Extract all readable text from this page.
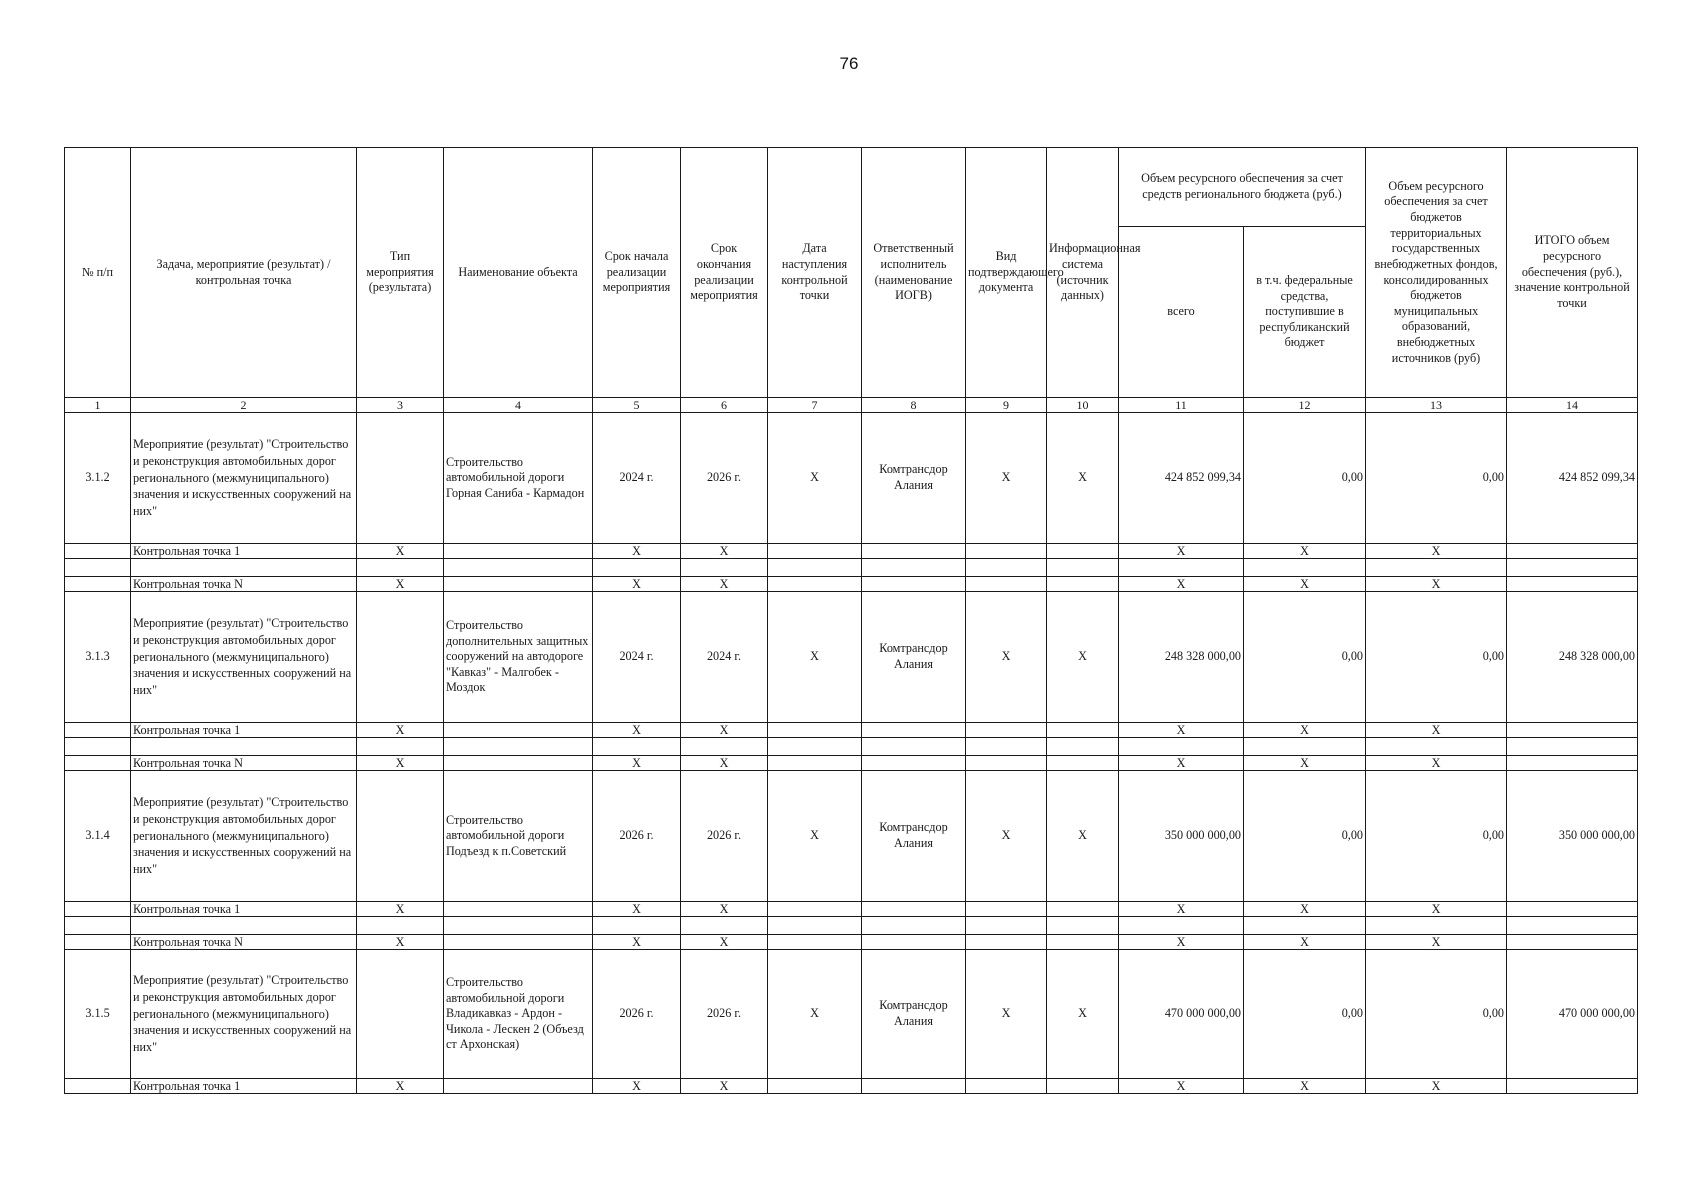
76
№ п/п	Задача, мероприятие (результат) / контрольная точка	Тип мероприятия (результата)	Наименование объекта	Срок начала реализации мероприятия	Срок окончания реализации мероприятия	Дата наступления контрольной точки	Ответственный исполнитель (наименование ИОГВ)	Вид подтверждающего документа	Информационная система (источник данных)	Объем ресурсного обеспечения за счет средств регионального бюджета (руб.)		Объем ресурсного обеспечения за счет бюджетов территориальных государственных внебюджетных фондов, консолидированных бюджетов муниципальных образований, внебюджетных источников (руб)	ИТОГО объем ресурсного обеспечения (руб.), значение контрольной точки
										всего	в т.ч. федеральные средства, поступившие в республиканский бюджет		
1	2	3	4	5	6	7	8	9	10	11	12	13	14
3.1.2	Мероприятие (результат) "Строительство и реконструкция автомобильных дорог регионального (межмуниципального) значения и искусственных сооружений на них"		Строительство автомобильной дороги Горная Саниба - Кармадон	2024 г.	2026 г.	X	Комтрансдор Алания	X	X	424 852 099,34	0,00	0,00	424 852 099,34
	Контрольная точка 1	X		X	X					X	X	X	

	Контрольная точка N	X		X	X					X	X	X	
3.1.3	Мероприятие (результат) "Строительство и реконструкция автомобильных дорог регионального (межмуниципального) значения и искусственных сооружений на них"		Строительство дополнительных защитных сооружений на автодороге "Кавказ" - Малгобек - Моздок	2024 г.	2024 г.	X	Комтрансдор Алания	X	X	248 328 000,00	0,00	0,00	248 328 000,00
	Контрольная точка 1	X		X	X					X	X	X	

	Контрольная точка N	X		X	X					X	X	X	
3.1.4	Мероприятие (результат) "Строительство и реконструкция автомобильных дорог регионального (межмуниципального) значения и искусственных сооружений на них"		Строительство автомобильной дороги Подъезд к п.Советский	2026 г.	2026 г.	X	Комтрансдор Алания	X	X	350 000 000,00	0,00	0,00	350 000 000,00
	Контрольная точка 1	X		X	X					X	X	X	

	Контрольная точка N	X		X	X					X	X	X	
3.1.5	Мероприятие (результат) "Строительство и реконструкция автомобильных дорог регионального (межмуниципального) значения и искусственных сооружений на них"		Строительство автомобильной дороги Владикавказ - Ардон - Чикола - Лескен 2 (Объезд ст Архонская)	2026 г.	2026 г.	X	Комтрансдор Алания	X	X	470 000 000,00	0,00	0,00	470 000 000,00
	Контрольная точка 1	X		X	X					X	X	X	
